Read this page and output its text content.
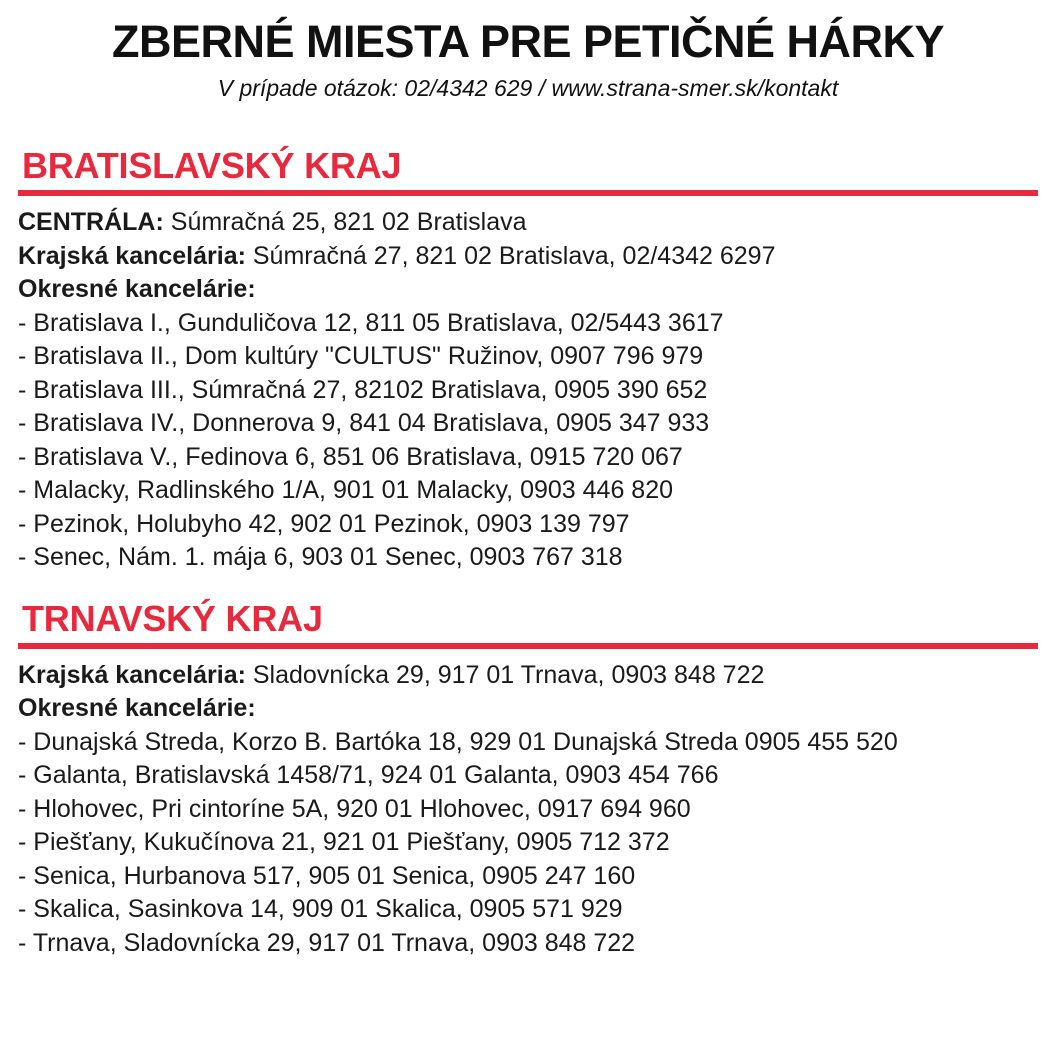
ZBERNÉ MIESTA PRE PETIČNÉ HÁRKY
V prípade otázok: 02/4342 629 / www.strana-smer.sk/kontakt
BRATISLAVSKÝ KRAJ
CENTRÁLA: Súmračná 25, 821 02 Bratislava
Krajská kancelária: Súmračná 27, 821 02 Bratislava, 02/4342 6297
Okresné kancelárie:
- Bratislava I., Gunduličova 12, 811 05 Bratislava, 02/5443 3617
- Bratislava II., Dom kultúry "CULTUS" Ružinov, 0907 796 979
- Bratislava III., Súmračná 27, 82102 Bratislava, 0905 390 652
- Bratislava IV., Donnerova 9, 841 04 Bratislava, 0905 347 933
- Bratislava V., Fedinova 6, 851 06 Bratislava, 0915 720 067
- Malacky, Radlinského 1/A, 901 01 Malacky, 0903 446 820
- Pezinok, Holubyho 42, 902 01 Pezinok, 0903 139 797
- Senec, Nám. 1. mája 6, 903 01 Senec, 0903 767 318
TRNAVSKÝ KRAJ
Krajská kancelária: Sladovnícka 29, 917 01 Trnava, 0903 848 722
Okresné kancelárie:
- Dunajská Streda, Korzo B. Bartóka 18, 929 01 Dunajská Streda 0905 455 520
- Galanta, Bratislavská 1458/71, 924 01 Galanta, 0903 454 766
- Hlohovec, Pri cintoríne 5A, 920 01 Hlohovec, 0917 694 960
- Piešťany, Kukučínova 21, 921 01 Piešťany, 0905 712 372
- Senica, Hurbanova 517, 905 01 Senica, 0905 247 160
- Skalica, Sasinkova 14, 909 01 Skalica, 0905 571 929
- Trnava, Sladovnícka 29, 917 01 Trnava, 0903 848 722
